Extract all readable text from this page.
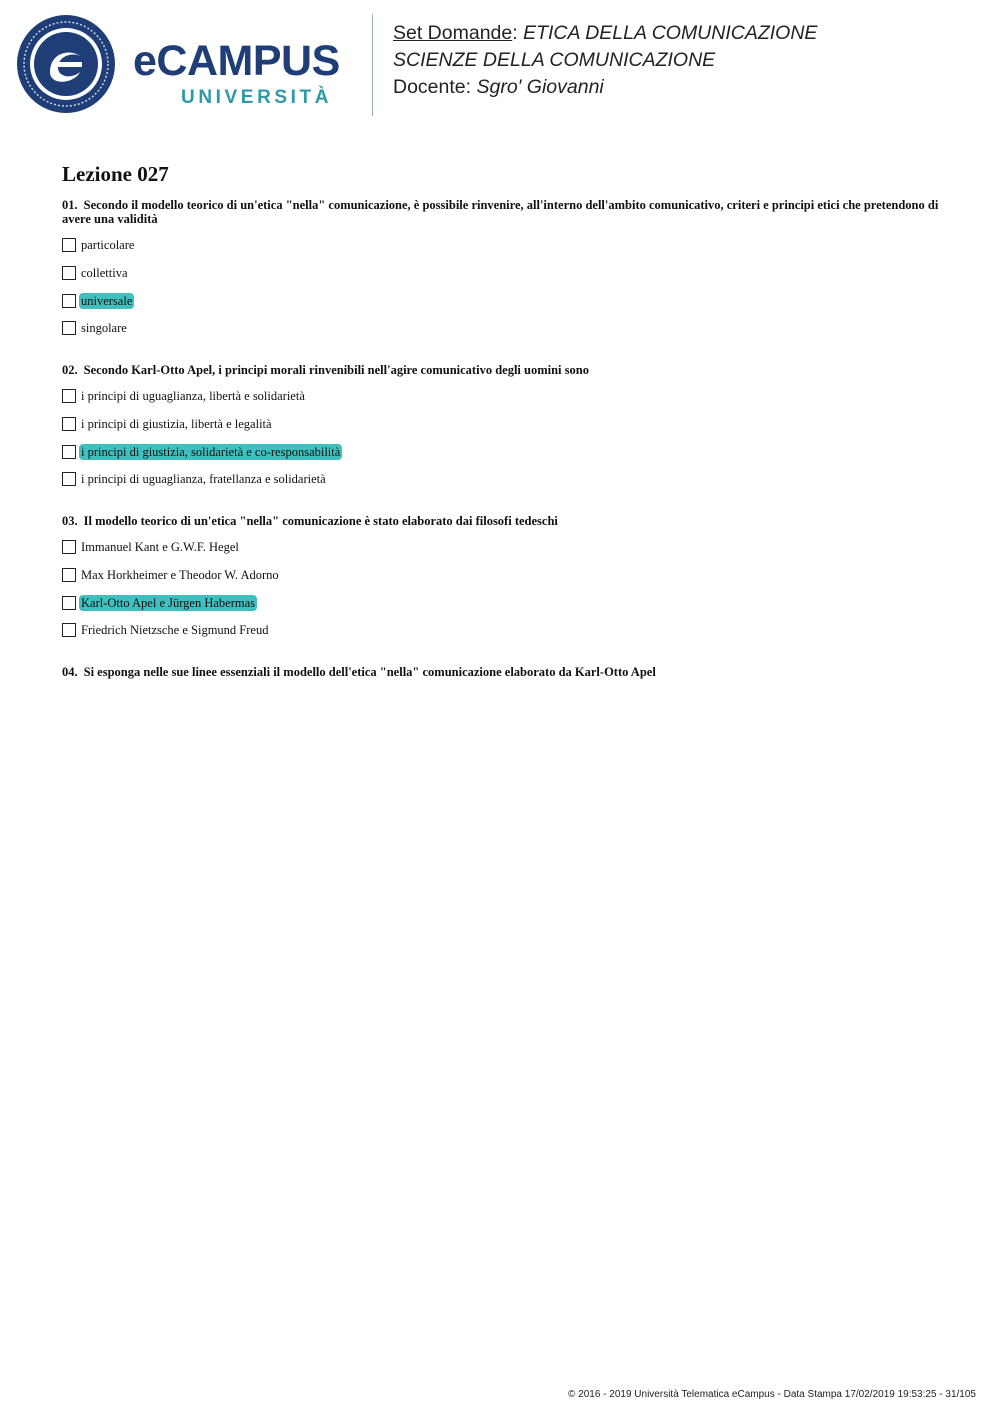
eCAMPUS
UNIVERSITÀ
Set Domande: ETICA DELLA COMUNICAZIONE
SCIENZE DELLA COMUNICAZIONE
Docente: Sgro' Giovanni
Lezione 027
01. Secondo il modello teorico di un'etica "nella" comunicazione, è possibile rinvenire, all'interno dell'ambito comunicativo, criteri e principi etici che pretendono di avere una validità
particolare
collettiva
universale
singolare
02. Secondo Karl-Otto Apel, i principi morali rinvenibili nell'agire comunicativo degli uomini sono
i principi di uguaglianza, libertà e solidarietà
i principi di giustizia, libertà e legalità
i principi di giustizia, solidarietà e co-responsabilità
i principi di uguaglianza, fratellanza e solidarietà
03. Il modello teorico di un'etica "nella" comunicazione è stato elaborato dai filosofi tedeschi
Immanuel Kant e G.W.F. Hegel
Max Horkheimer e Theodor W. Adorno
Karl-Otto Apel e Jürgen Habermas
Friedrich Nietzsche e Sigmund Freud
04. Si esponga nelle sue linee essenziali il modello dell'etica "nella" comunicazione elaborato da Karl-Otto Apel
© 2016 - 2019 Università Telematica eCampus - Data Stampa 17/02/2019 19:53:25 - 31/105
